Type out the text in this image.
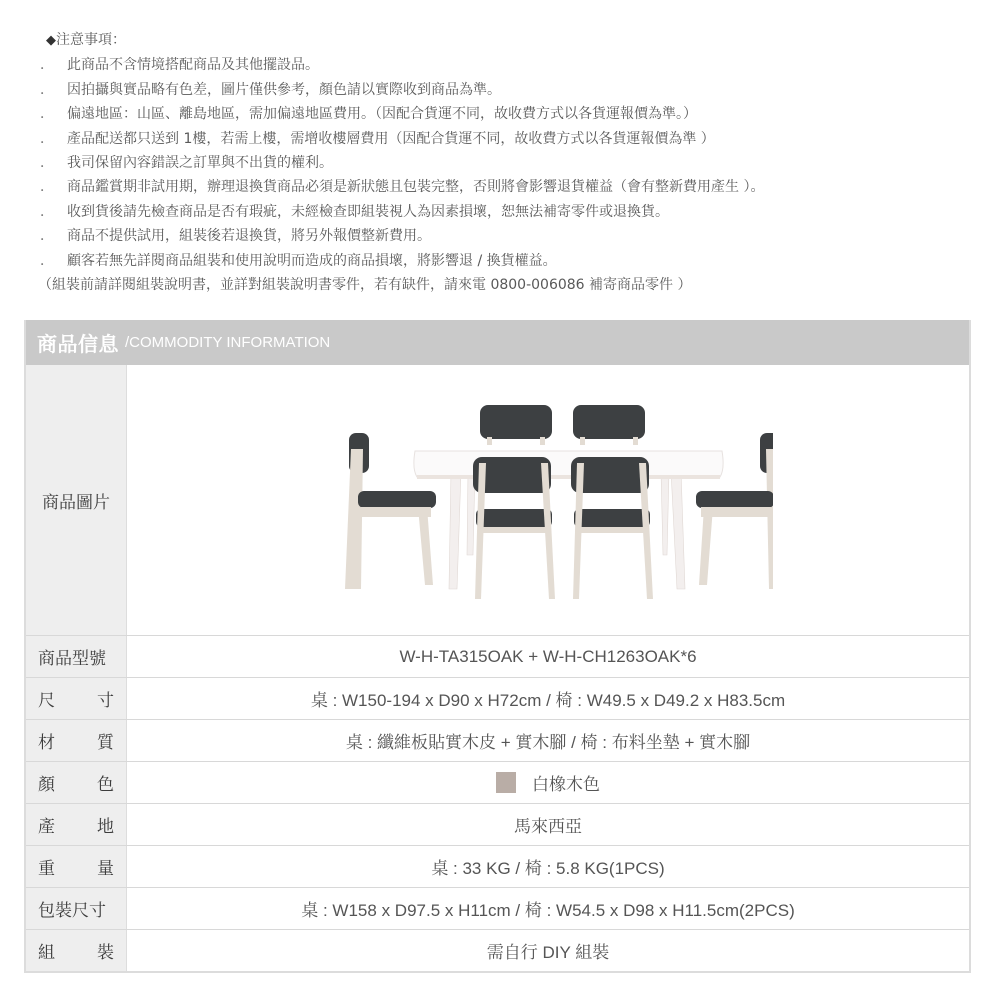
◆注意事項：
． 此商品不含情境搭配商品及其他擺設品。
． 因拍攝與實品略有色差，圖片僅供參考，顏色請以實際收到商品為準。
． 偏遠地區：山區、離島地區，需加偏遠地區費用。（因配合貨運不同，故收費方式以各貨運報價為準。）
． 產品配送都只送到 1樓，若需上樓，需增收樓層費用（因配合貨運不同，故收費方式以各貨運報價為準 ）
． 我司保留內容錯誤之訂單與不出貨的權利。
． 商品鑑賞期非試用期，辦理退換貨商品必須是新狀態且包裝完整，否則將會影響退貨權益（會有整新費用產生 ）。
． 收到貨後請先檢查商品是否有瑕疵，未經檢查即組裝視人為因素損壞，恕無法補寄零件或退換貨。
． 商品不提供試用，組裝後若退換貨，將另外報價整新費用。
． 顧客若無先詳閱商品組裝和使用說明而造成的商品損壞，將影響退 / 換貨權益。
（組裝前請詳閱組裝說明書，並詳對組裝說明書零件，若有缺件，請來電 0800-006086 補寄商品零件 ）
商品信息 /COMMODITY INFORMATION
商品圖片
商品型號	W-H-TA315OAK + W-H-CH1263OAK*6
尺 寸	桌 : W150-194 x D90 x H72cm / 椅 : W49.5 x D49.2 x H83.5cm
材 質	桌 : 纖維板貼實木皮 + 實木腳 / 椅 : 布料坐墊 + 實木腳
顏 色	白橡木色
產 地	馬來西亞
重 量	桌 : 33 KG / 椅 : 5.8 KG(1PCS)
包裝尺寸	桌 : W158 x D97.5 x H11cm / 椅 : W54.5 x D98 x H11.5cm(2PCS)
組 裝	需自行 DIY 組裝
